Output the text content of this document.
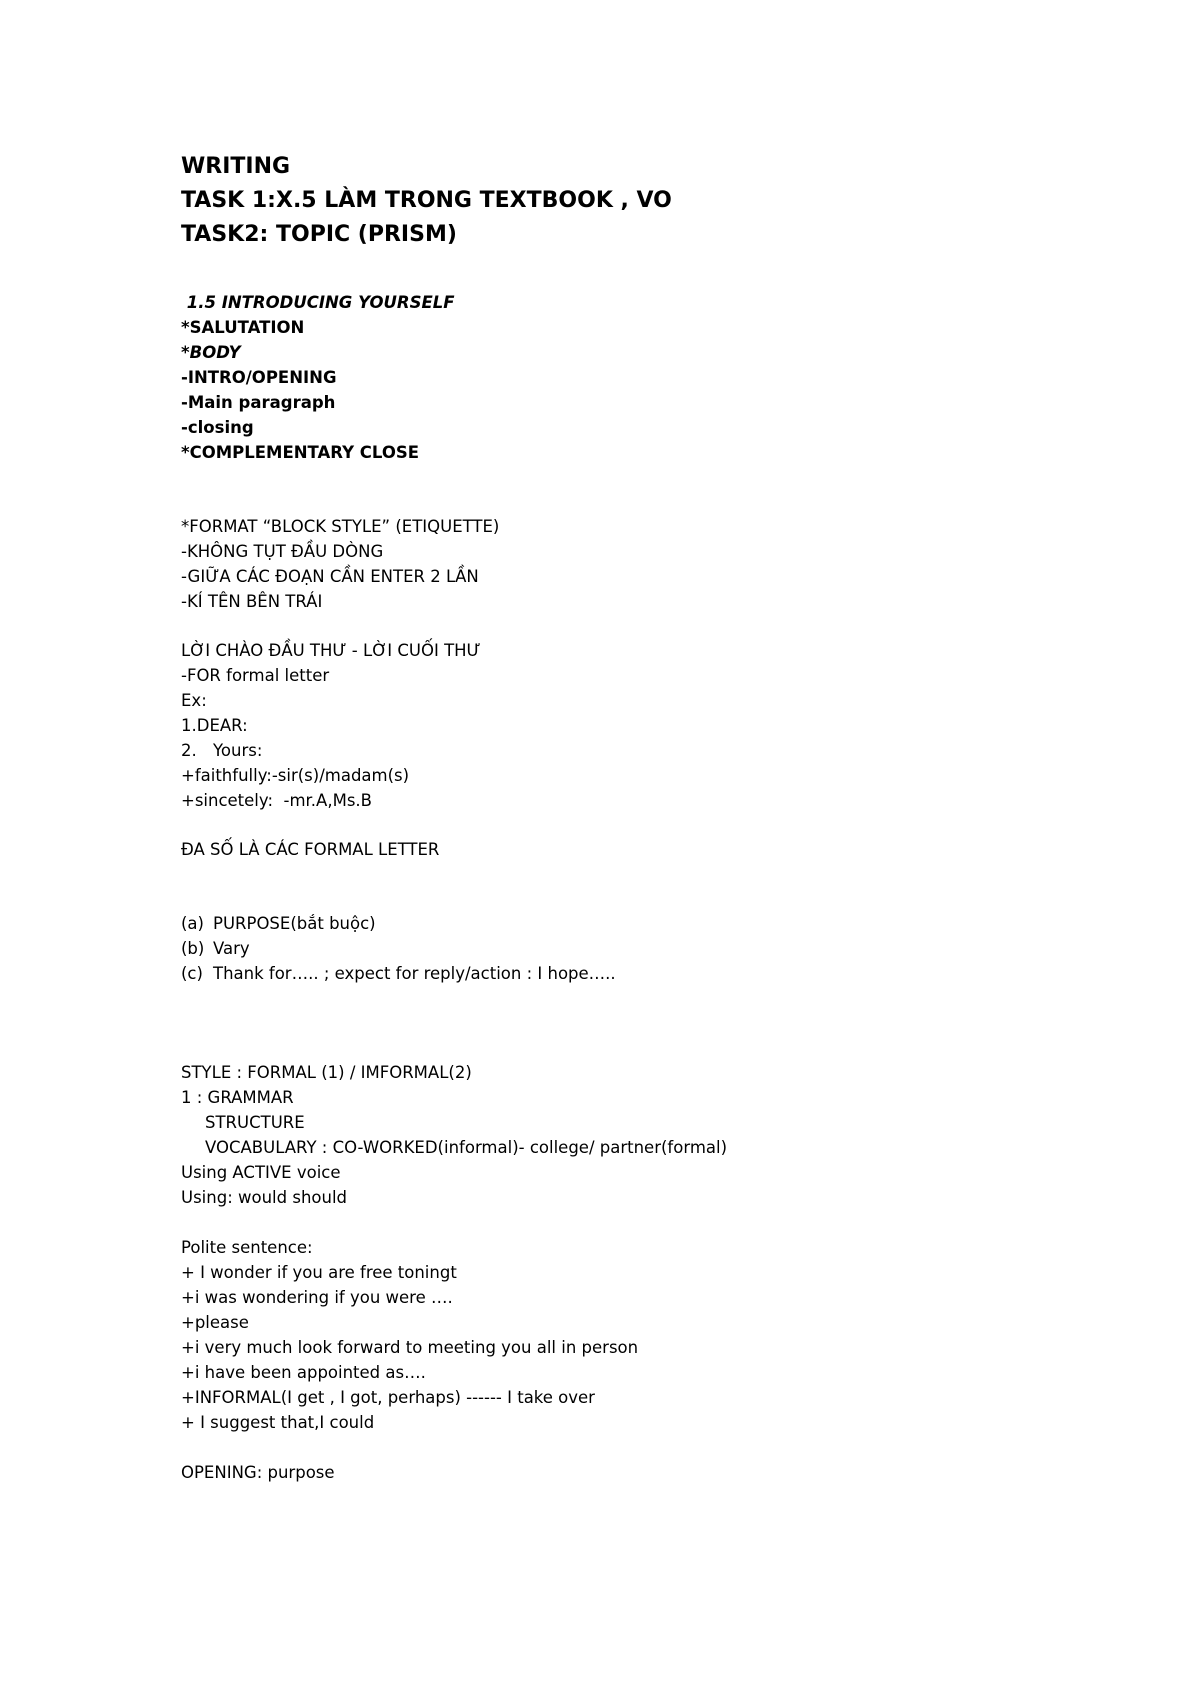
WRITING
TASK 1:X.5 LÀM TRONG TEXTBOOK , VO
TASK2: TOPIC (PRISM)
1.5 INTRODUCING YOURSELF
*SALUTATION
*BODY
-INTRO/OPENING
-Main paragraph
-closing
*COMPLEMENTARY CLOSE
*FORMAT “BLOCK STYLE” (ETIQUETTE)
-KHÔNG TỤT ĐẦU DÒNG
-GIỮA CÁC ĐOẠN CẦN ENTER 2 LẦN
-KÍ TÊN BÊN TRÁI
LỜI CHÀO ĐẦU THƯ - LỜI CUỐI THƯ
-FOR formal letter
Ex:
1.DEAR:
2. Yours:
+faithfully:-sir(s)/madam(s)
+sincetely:  -mr.A,Ms.B
ĐA SỐ LÀ CÁC FORMAL LETTER
(a) PURPOSE(bắt buộc)
(b) Vary
(c) Thank for….. ; expect for reply/action : I hope…..
STYLE : FORMAL (1) / IMFORMAL(2)
1 : GRAMMAR
STRUCTURE
VOCABULARY : CO-WORKED(informal)- college/ partner(formal)
Using ACTIVE voice
Using: would should
Polite sentence:
+ I wonder if you are free toningt
+i was wondering if you were ….
+please
+i very much look forward to meeting you all in person
+i have been appointed as….
+INFORMAL(I get , I got, perhaps) ------ I take over
+ I suggest that,I could
OPENING: purpose
